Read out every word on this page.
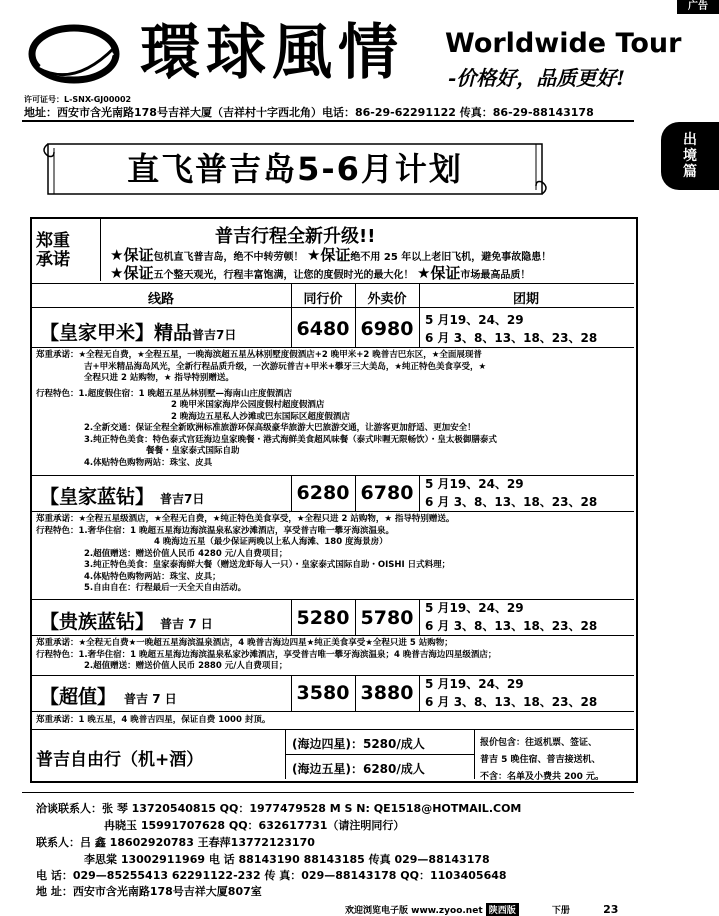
广告
環球風情 Worldwide Tour
-价格好，品质更好!
许可证号：L-SNX-GJ00002
地址：西安市含光南路178号吉祥大厦（吉祥村十字西北角）电话：86-29-62291122 传真：86-29-88143178
出境篇
直飞普吉岛5-6月计划
郑重
承诺
普吉行程全新升级!!
★保证包机直飞普吉岛，绝不中转劳顿！ ★保证绝不用 25 年以上老旧飞机，避免事故隐患！
★保证五个整天观光，行程丰富饱满，让您的度假时光的最大化！ ★保证市场最高品质！
线路	同行价	外卖价	团期
【皇家甲米】精品普吉7日	6480 6980 5 月19、24、29
6 月 3、8、13、18、23、28
郑重承诺：★全程无自费，★全程五星，一晚海滨超五星丛林别墅度假酒店+2 晚甲米+2 晚普吉巴东区，★全面展现普
吉+甲米精品海岛风光，全新行程品质升级，一次游玩普吉+甲米+攀牙三大美岛，★纯正特色美食享受，★
全程只进 2 站购物，★ 指导特别赠送。
行程特色：1.超度假住宿：1 晚超五星丛林别墅—海南山庄度假酒店
2 晚甲米国家海岸公园度假村超度假酒店
2 晚海边五星私人沙滩或巴东国际区超度假酒店
2.全新交通：保证全程全新欧洲标准旅游环保高级豪华旅游大巴旅游交通，让游客更加舒适、更加安全！
3.纯正特色美食：特色泰式宫廷海边皇家晚餐・港式海鲜美食超风味餐（泰式咔喱无限畅饮）・皇太极御膳泰式
餐餐・皇家泰式国际自助
4.体贴特色购物两站：珠宝、皮具
【皇家蓝钻】 普吉7日	6280 6780 5 月19、24、29
6 月 3、8、13、18、23、28
郑重承诺：★全程五星级酒店，★全程无自费，★纯正特色美食享受，★全程只进 2 站购物，★ 指导特别赠送。
行程特色：1.奢华住宿：1 晚超五星海边海滨温泉私家沙滩酒店，享受普吉唯一攀牙海滨温泉。
4 晚海边五星（最少保证两晚以上私人海滩、180 度海景房）
2.超值赠送：赠送价值人民币 4280 元/人自费项目；
3.纯正特色美食：皇家泰海鲜大餐（赠送龙虾每人一只）・皇家泰式国际自助・OISHI 日式料理；
4.体贴特色购物两站：珠宝、皮具；
5.自由自在：行程最后一天全天自由活动。
【贵族蓝钻】 普吉 7 日	5280 5780 5 月19、24、29
6 月 3、8、13、18、23、28
郑重承诺：★全程无自费★一晚超五星海滨温泉酒店，4 晚普吉海边四星★纯正美食享受★全程只进 5 站购物；
行程特色：1.奢华住宿：1 晚超五星海边海滨温泉私家沙滩酒店，享受普吉唯一攀牙海滨温泉；4 晚普吉海边四星级酒店；
2.超值赠送：赠送价值人民币 2880 元/人自费项目；
【超值】 普吉 7 日	3580 3880 5 月19、24、29
6 月 3、8、13、18、23、28
郑重承诺：1 晚五星，4 晚普吉四星，保证自费 1000 封顶。
普吉自由行（机+酒）
(海边四星)：5280/成人
(海边五星)：6280/成人
报价包含：往返机票、签证、
普吉 5 晚住宿、普吉接送机、
不含：名单及小费共 200 元。
洽谈联系人：张 琴 13720540815 QQ：1977479528 M S N: QE1518@HOTMAIL.COM
冉晓玉 15991707628 QQ：632617731（请注明同行）
联系人：吕 鑫 18602920783 王春萍13772123170
李思棠 13002911969 电 话 88143190 88143185 传真 029—88143178
电 话：029—85255413 62291122-232 传 真：029—88143178 QQ：1103405648
地 址：西安市含光南路178号吉祥大厦807室
欢迎浏览电子版 www.zyoo.net 陕西版	下册	23
